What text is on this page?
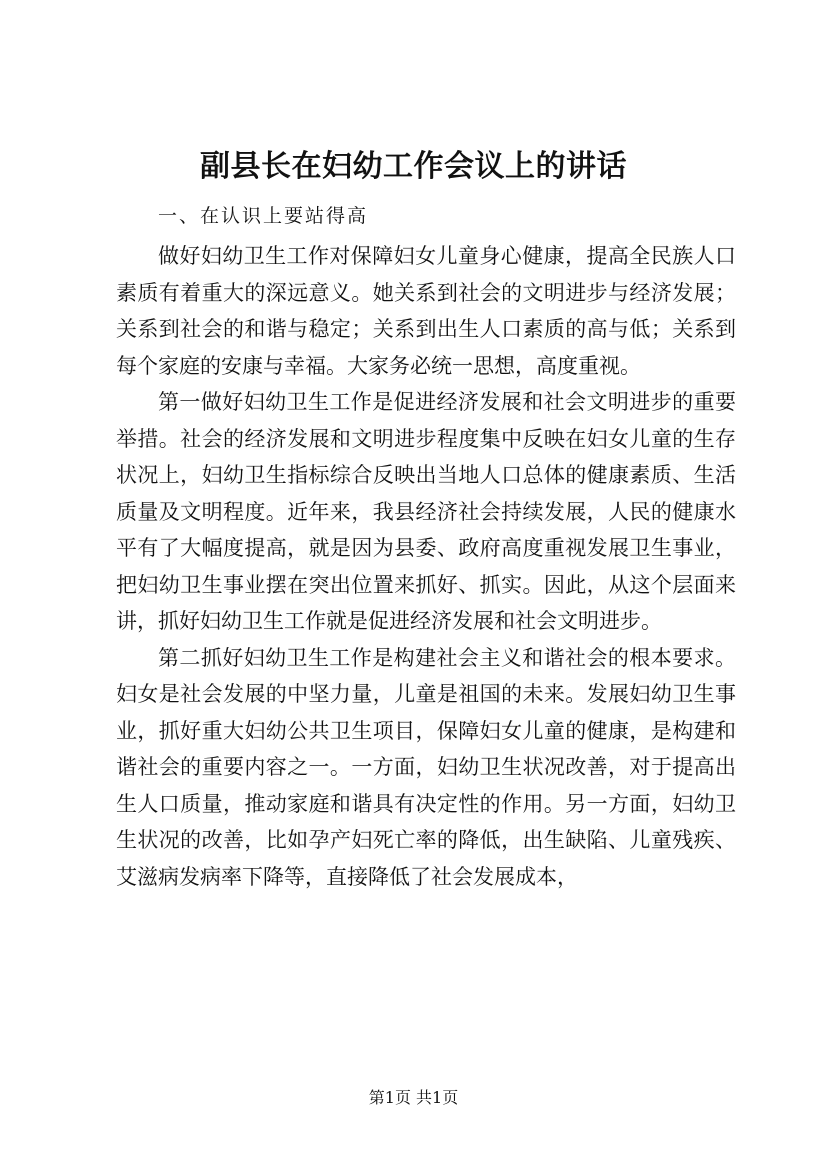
副县长在妇幼工作会议上的讲话
一、在认识上要站得高

做好妇幼卫生工作对保障妇女儿童身心健康，提高全民族人口素质有着重大的深远意义。她关系到社会的文明进步与经济发展；关系到社会的和谐与稳定；关系到出生人口素质的高与低；关系到每个家庭的安康与幸福。大家务必统一思想，高度重视。

第一做好妇幼卫生工作是促进经济发展和社会文明进步的重要举措。社会的经济发展和文明进步程度集中反映在妇女儿童的生存状况上，妇幼卫生指标综合反映出当地人口总体的健康素质、生活质量及文明程度。近年来，我县经济社会持续发展，人民的健康水平有了大幅度提高，就是因为县委、政府高度重视发展卫生事业，把妇幼卫生事业摆在突出位置来抓好、抓实。因此，从这个层面来讲，抓好妇幼卫生工作就是促进经济发展和社会文明进步。

第二抓好妇幼卫生工作是构建社会主义和谐社会的根本要求。妇女是社会发展的中坚力量，儿童是祖国的未来。发展妇幼卫生事业，抓好重大妇幼公共卫生项目，保障妇女儿童的健康，是构建和谐社会的重要内容之一。一方面，妇幼卫生状况改善，对于提高出生人口质量，推动家庭和谐具有决定性的作用。另一方面，妇幼卫生状况的改善，比如孕产妇死亡率的降低，出生缺陷、儿童残疾、艾滋病发病率下降等，直接降低了社会发展成本，

第1页 共1页
